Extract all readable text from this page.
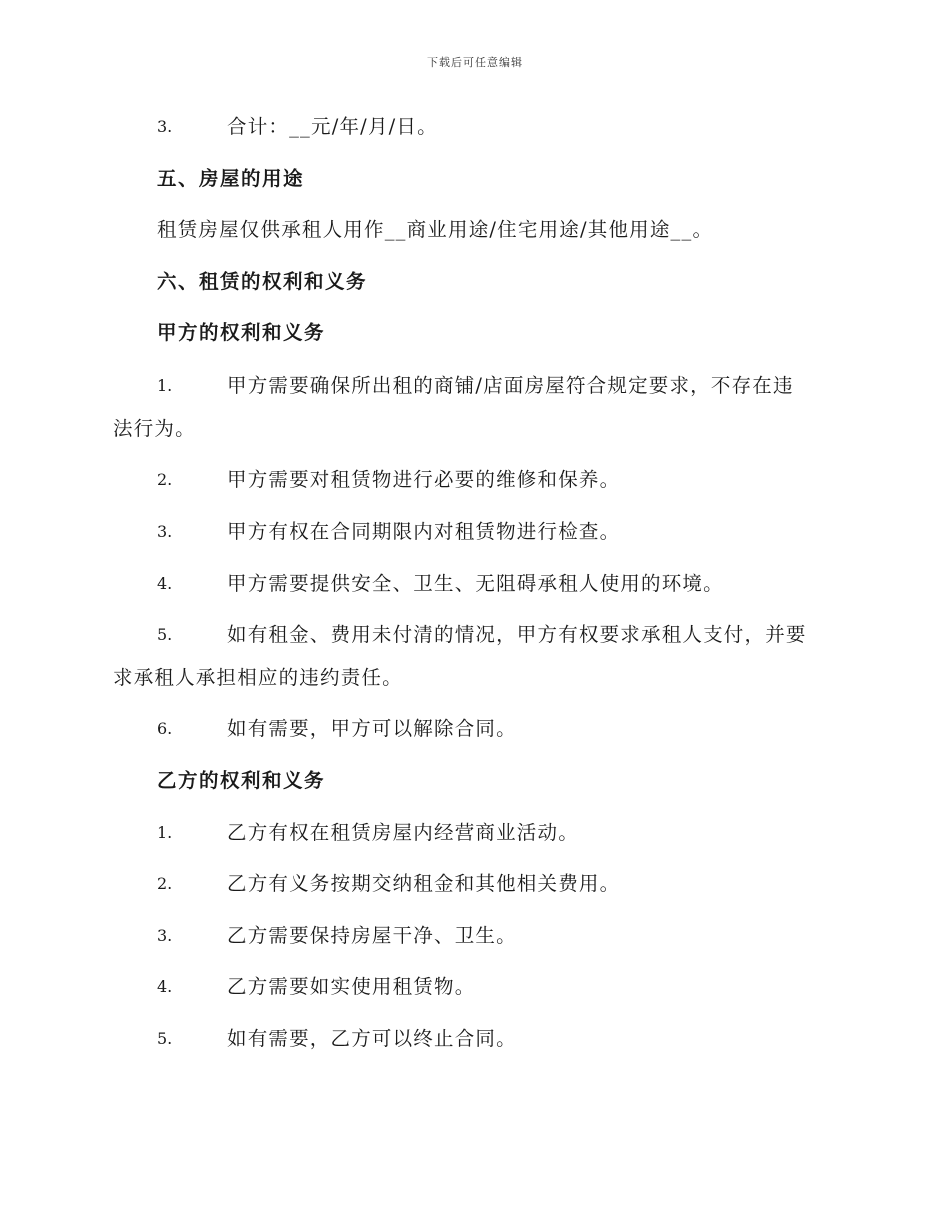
下载后可任意编辑
3.	合计：__元/年/月/日。
五、房屋的用途
租赁房屋仅供承租人用作__商业用途/住宅用途/其他用途__。
六、租赁的权利和义务
甲方的权利和义务
1.	甲方需要确保所出租的商铺/店面房屋符合规定要求，不存在违
法行为。
2.	甲方需要对租赁物进行必要的维修和保养。
3.	甲方有权在合同期限内对租赁物进行检查。
4.	甲方需要提供安全、卫生、无阻碍承租人使用的环境。
5.	如有租金、费用未付清的情况，甲方有权要求承租人支付，并要
求承租人承担相应的违约责任。
6.	如有需要，甲方可以解除合同。
乙方的权利和义务
1.	乙方有权在租赁房屋内经营商业活动。
2.	乙方有义务按期交纳租金和其他相关费用。
3.	乙方需要保持房屋干净、卫生。
4.	乙方需要如实使用租赁物。
5.	如有需要，乙方可以终止合同。
